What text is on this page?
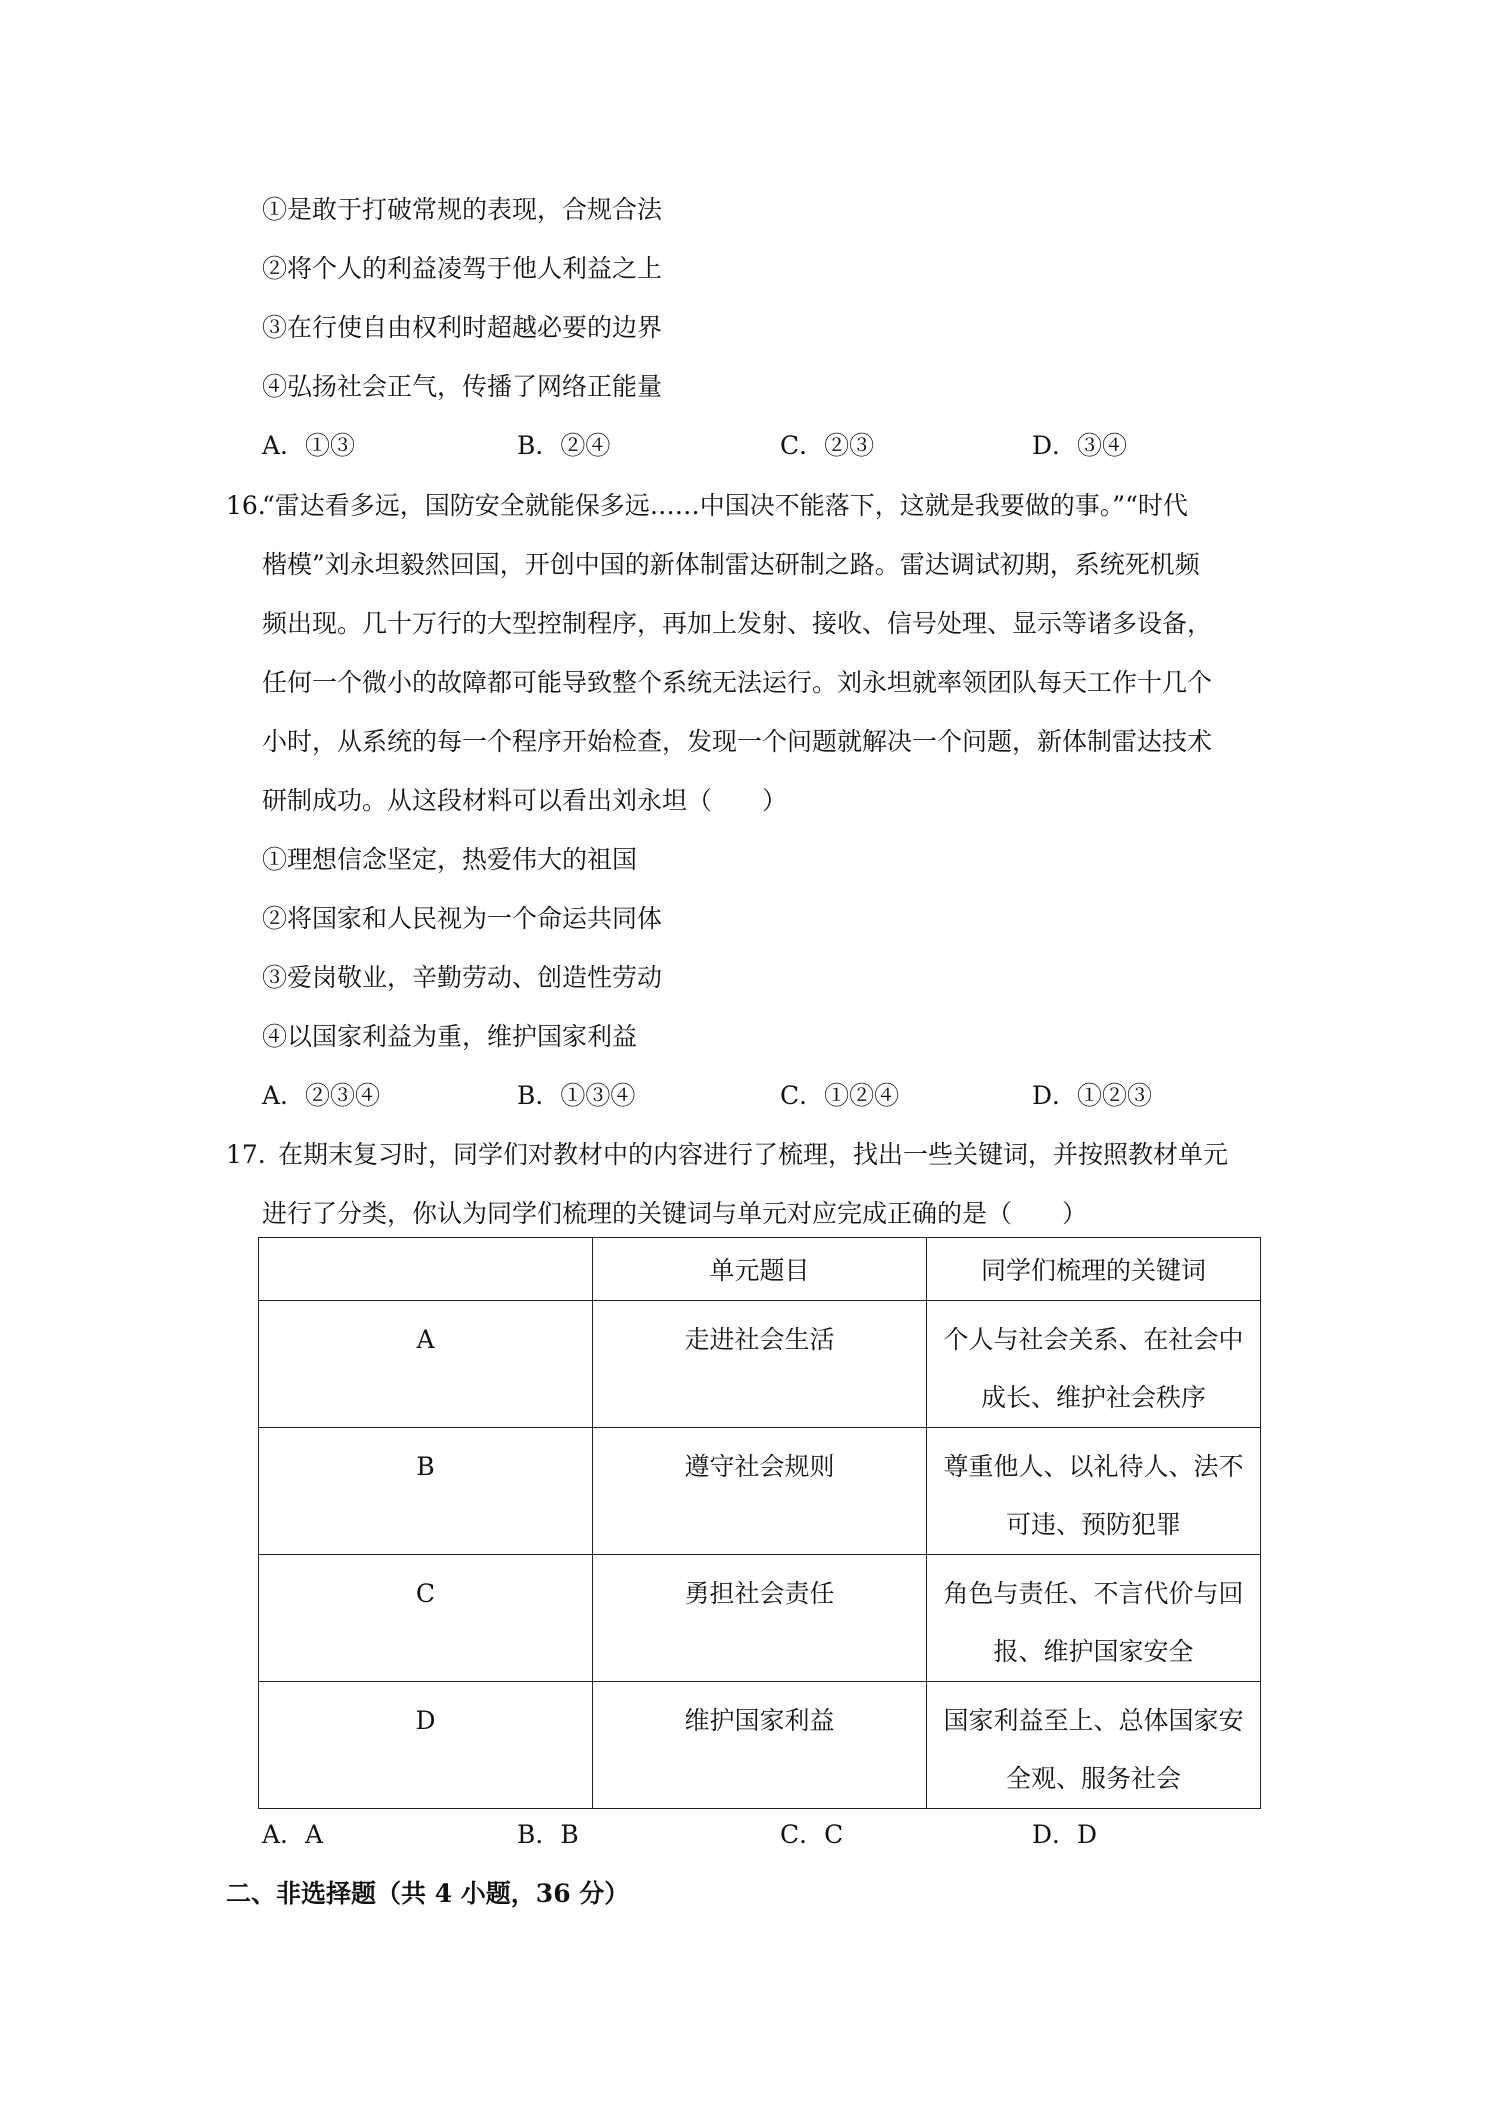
①是敢于打破常规的表现，合规合法
②将个人的利益凌驾于他人利益之上
③在行使自由权利时超越必要的边界
④弘扬社会正气，传播了网络正能量
A．①③	B．②④	C．②③	D．③④
16.
“雷达看多远，国防安全就能保多远……中国决不能落下，这就是我要做的事。”“时代
楷模”刘永坦毅然回国，开创中国的新体制雷达研制之路。雷达调试初期，系统死机频
频出现。几十万行的大型控制程序，再加上发射、接收、信号处理、显示等诸多设备，
任何一个微小的故障都可能导致整个系统无法运行。刘永坦就率领团队每天工作十几个
小时，从系统的每一个程序开始检查，发现一个问题就解决一个问题，新体制雷达技术
研制成功。从这段材料可以看出刘永坦（　　）
①理想信念坚定，热爱伟大的祖国
②将国家和人民视为一个命运共同体
③爱岗敬业，辛勤劳动、创造性劳动
④以国家利益为重，维护国家利益
A．②③④	B．①③④	C．①②④	D．①②③
17. 在期末复习时，同学们对教材中的内容进行了梳理，找出一些关键词，并按照教材单元
进行了分类，你认为同学们梳理的关键词与单元对应完成正确的是（　　）
	单元题目	同学们梳理的关键词
A	走进社会生活	个人与社会关系、在社会中
成长、维护社会秩序
B	遵守社会规则	尊重他人、以礼待人、法不
可违、预防犯罪
C	勇担社会责任	角色与责任、不言代价与回
报、维护国家安全
D	维护国家利益	国家利益至上、总体国家安
全观、服务社会
A．A	B．B	C．C	D．D
二、非选择题（共 4 小题，36 分）
